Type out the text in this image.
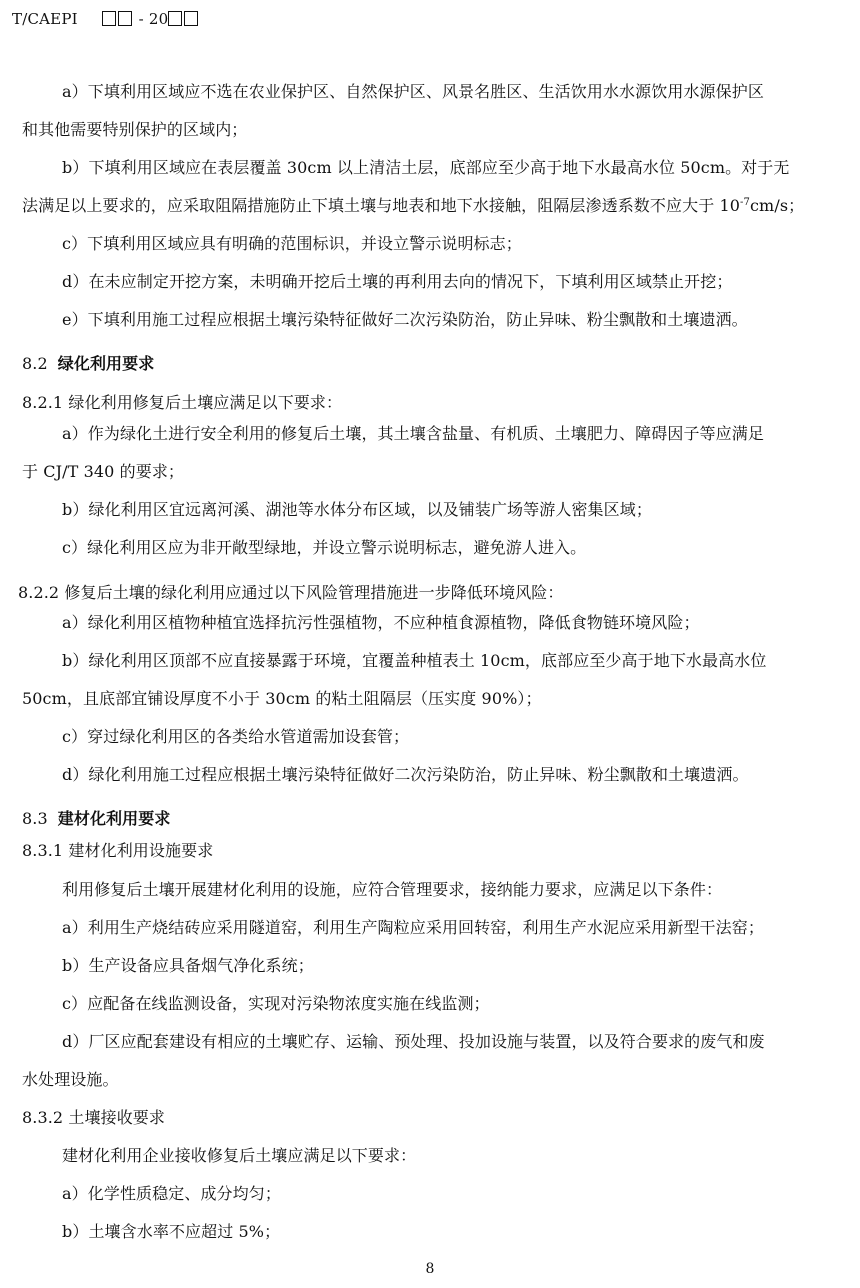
T/CAEPI	- 20
a）下填利用区域应不选在农业保护区、自然保护区、风景名胜区、生活饮用水水源饮用水源保护区
和其他需要特别保护的区域内；
b）下填利用区域应在表层覆盖 30cm 以上清洁土层，底部应至少高于地下水最高水位 50cm。对于无
法满足以上要求的，应采取阻隔措施防止下填土壤与地表和地下水接触，阻隔层渗透系数不应大于 $10^{-7}cm/s$；
c）下填利用区域应具有明确的范围标识，并设立警示说明标志；
d）在未应制定开挖方案，未明确开挖后土壤的再利用去向的情况下，下填利用区域禁止开挖；
e）下填利用施工过程应根据土壤污染特征做好二次污染防治，防止异味、粉尘飘散和土壤遗洒。
8.2 绿化利用要求
8.2.1 绿化利用修复后土壤应满足以下要求：
a）作为绿化土进行安全利用的修复后土壤，其土壤含盐量、有机质、土壤肥力、障碍因子等应满足
于 CJ/T 340 的要求；
b）绿化利用区宜远离河溪、湖池等水体分布区域，以及铺装广场等游人密集区域；
c）绿化利用区应为非开敞型绿地，并设立警示说明标志，避免游人进入。
8.2.2 修复后土壤的绿化利用应通过以下风险管理措施进一步降低环境风险：
a）绿化利用区植物种植宜选择抗污性强植物，不应种植食源植物，降低食物链环境风险；
b）绿化利用区顶部不应直接暴露于环境，宜覆盖种植表土 10cm，底部应至少高于地下水最高水位
50cm，且底部宜铺设厚度不小于 30cm 的粘土阻隔层（压实度 90%）；
c）穿过绿化利用区的各类给水管道需加设套管；
d）绿化利用施工过程应根据土壤污染特征做好二次污染防治，防止异味、粉尘飘散和土壤遗洒。
8.3 建材化利用要求
8.3.1 建材化利用设施要求
利用修复后土壤开展建材化利用的设施，应符合管理要求，接纳能力要求，应满足以下条件：
a）利用生产烧结砖应采用隧道窑，利用生产陶粒应采用回转窑，利用生产水泥应采用新型干法窑；
b）生产设备应具备烟气净化系统；
c）应配备在线监测设备，实现对污染物浓度实施在线监测；
d）厂区应配套建设有相应的土壤贮存、运输、预处理、投加设施与装置，以及符合要求的废气和废
水处理设施。
8.3.2 土壤接收要求
建材化利用企业接收修复后土壤应满足以下要求：
a）化学性质稳定、成分均匀；
b）土壤含水率不应超过 5%；
8
